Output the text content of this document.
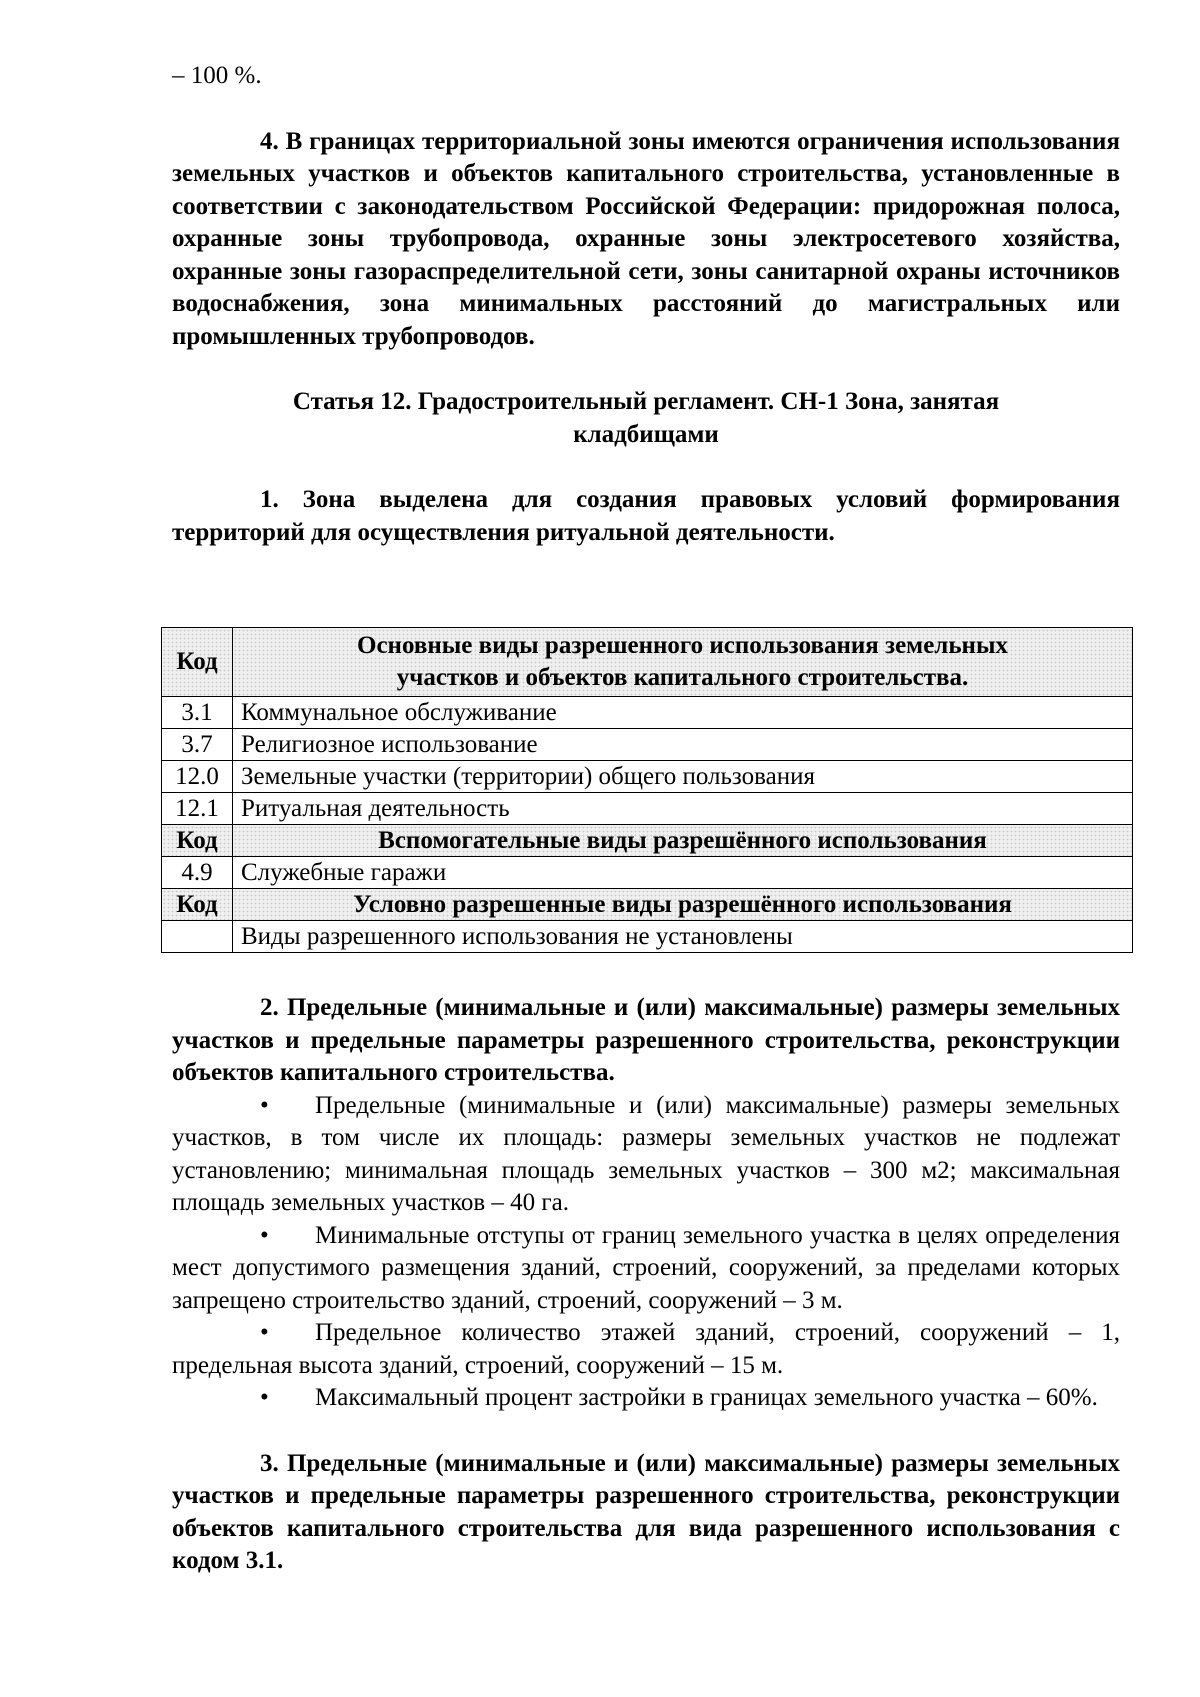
– 100 %.

4. В границах территориальной зоны имеются ограничения использования земельных участков и объектов капитального строительства, установленные в соответствии с законодательством Российской Федерации: придорожная полоса, охранные зоны трубопровода, охранные зоны электросетевого хозяйства, охранные зоны газораспределительной сети, зоны санитарной охраны источников водоснабжения, зона минимальных расстояний до магистральных или промышленных трубопроводов.

Статья 12. Градостроительный регламент. СН-1 Зона, занятая
кладбищами

1. Зона выделена для создания правовых условий формирования территорий для осуществления ритуальной деятельности.

Код	Основные виды разрешенного использования земельных
участков и объектов капитального строительства.

3.1	Коммунальное обслуживание
3.7	Религиозное использование
12.0	Земельные участки (территории) общего пользования
12.1	Ритуальная деятельность
Код	Вспомогательные виды разрешённого использования
4.9	Служебные гаражи
Код	Условно разрешенные виды разрешённого использования
	Виды разрешенного использования не установлены

2. Предельные (минимальные и (или) максимальные) размеры земельных участков и предельные параметры разрешенного строительства, реконструкции объектов капитального строительства.

• Предельные (минимальные и (или) максимальные) размеры земельных участков, в том числе их площадь: размеры земельных участков не подлежат установлению; минимальная площадь земельных участков – 300 м2; максимальная площадь земельных участков – 40 га.

• Минимальные отступы от границ земельного участка в целях определения мест допустимого размещения зданий, строений, сооружений, за пределами которых запрещено строительство зданий, строений, сооружений – 3 м.

• Предельное количество этажей зданий, строений, сооружений – 1, предельная высота зданий, строений, сооружений – 15 м.

• Максимальный процент застройки в границах земельного участка – 60%.

3. Предельные (минимальные и (или) максимальные) размеры земельных участков и предельные параметры разрешенного строительства, реконструкции объектов капитального строительства для вида разрешенного использования с кодом 3.1.
